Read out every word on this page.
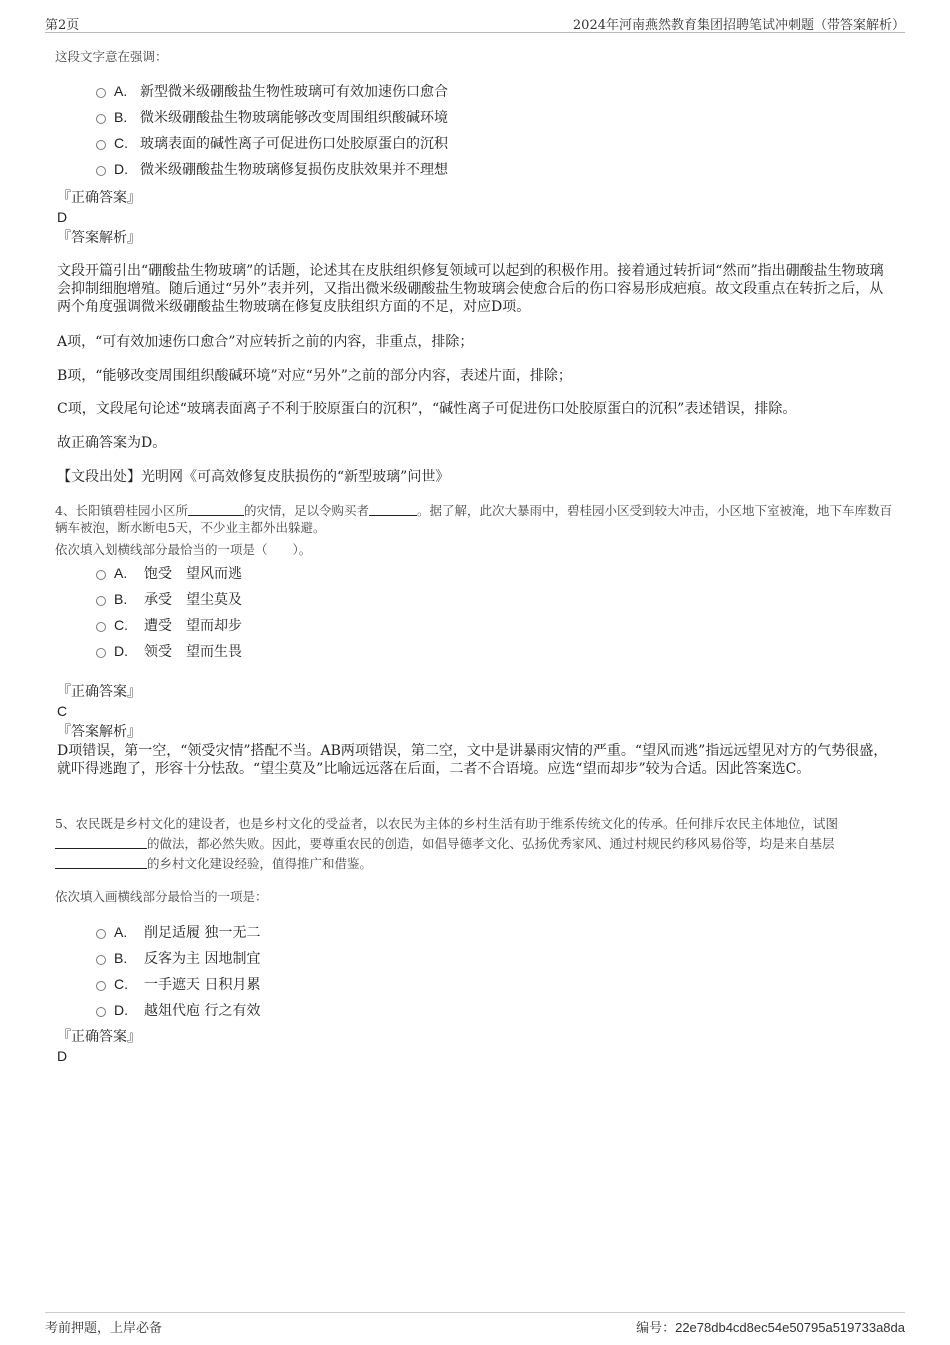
第2页	2024年河南燕然教育集团招聘笔试冲刺题（带答案解析）
这段文字意在强调：
A. 新型微米级硼酸盐生物性玻璃可有效加速伤口愈合
B. 微米级硼酸盐生物玻璃能够改变周围组织酸碱环境
C. 玻璃表面的碱性离子可促进伤口处胶原蛋白的沉积
D. 微米级硼酸盐生物玻璃修复损伤皮肤效果并不理想
『正确答案』
D
『答案解析』
文段开篇引出“硼酸盐生物玻璃”的话题，论述其在皮肤组织修复领域可以起到的积极作用。接着通过转折词“然而”指出硼酸盐生物玻璃会抑制细胞增殖。随后通过“另外”表并列，又指出微米级硼酸盐生物玻璃会使愈合后的伤口容易形成疤痕。故文段重点在转折之后，从两个角度强调微米级硼酸盐生物玻璃在修复皮肤组织方面的不足，对应D项。
A项，“可有效加速伤口愈合”对应转折之前的内容，非重点，排除；
B项，“能够改变周围组织酸碱环境”对应“另外”之前的部分内容，表述片面，排除；
C项，文段尾句论述“玻璃表面离子不利于胶原蛋白的沉积”，“碱性离子可促进伤口处胶原蛋白的沉积”表述错误，排除。
故正确答案为D。
【文段出处】光明网《可高效修复皮肤损伤的“新型玻璃”问世》
4、长阳镇碧桂园小区所	的灾情，足以令购买者	。据了解，此次大暴雨中，碧桂园小区受到较大冲击，小区地下室被淹，地下车库数百辆车被泡，断水断电5天，不少业主都外出躲避。
依次填入划横线部分最恰当的一项是（　　）。
A. 饱受　望风而逃
B. 承受　望尘莫及
C. 遭受　望而却步
D. 领受　望而生畏
『正确答案』
C
『答案解析』
D项错误，第一空，“领受灾情”搭配不当。AB两项错误，第二空，文中是讲暴雨灾情的严重。“望风而逃”指远远望见对方的气势很盛，就吓得逃跑了，形容十分怯敌。“望尘莫及”比喻远远落在后面，二者不合语境。应选“望而却步”较为合适。因此答案选C。
5、农民既是乡村文化的建设者，也是乡村文化的受益者，以农民为主体的乡村生活有助于维系传统文化的传承。任何排斥农民主体地位，试图
的做法，都必然失败。因此，要尊重农民的创造，如倡导德孝文化、弘扬优秀家风、通过村规民约移风易俗等，均是来自基层
的乡村文化建设经验，值得推广和借鉴。
依次填入画横线部分最恰当的一项是：
A. 削足适履 独一无二
B. 反客为主 因地制宜
C. 一手遮天 日积月累
D. 越俎代庖 行之有效
『正确答案』
D
考前押题，上岸必备	编号：22e78db4cd8ec54e50795a519733a8da
